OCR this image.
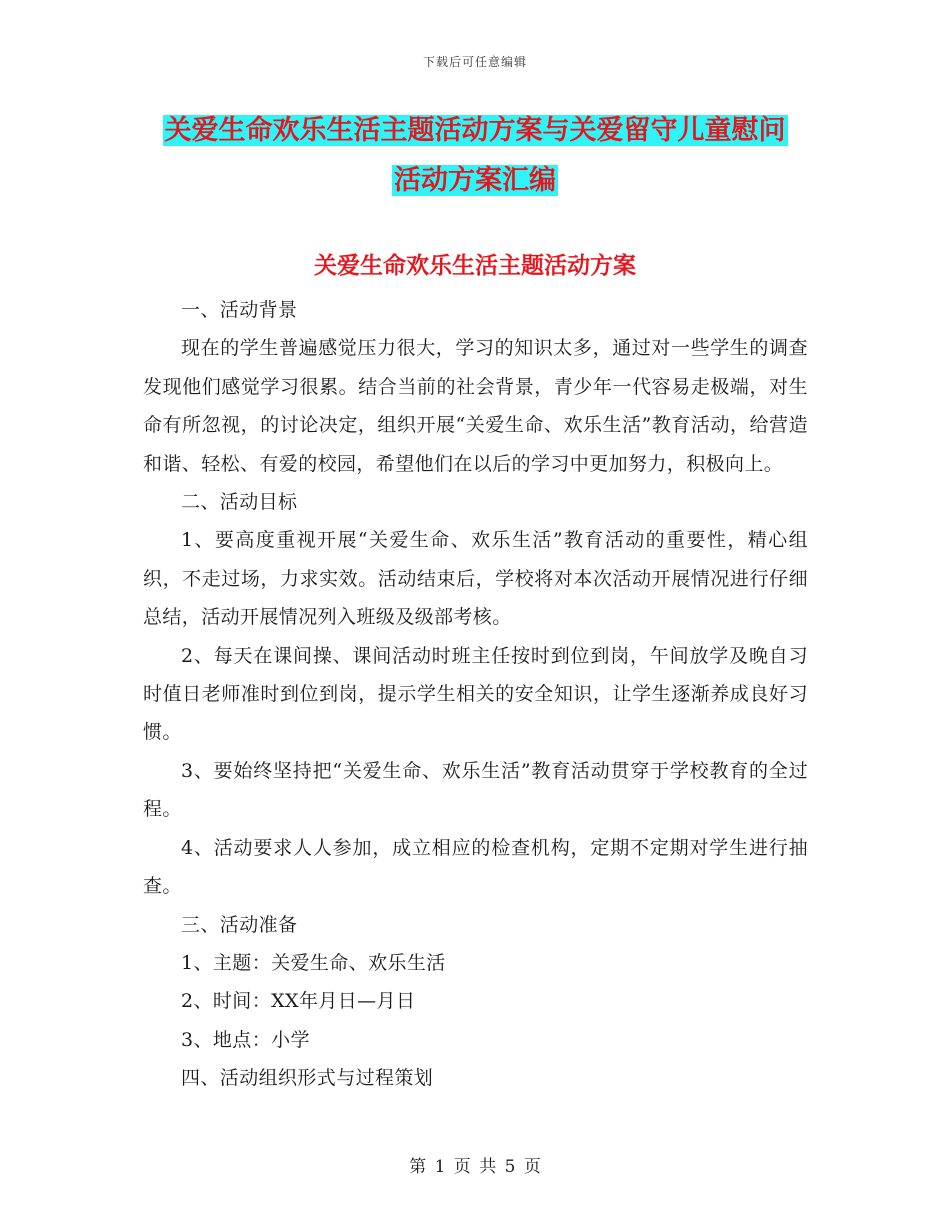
下载后可任意编辑
关爱生命欢乐生活主题活动方案与关爱留守儿童慰问
活动方案汇编
关爱生命欢乐生活主题活动方案

一、活动背景

现在的学生普遍感觉压力很大，学习的知识太多，通过对一些学生的调查发现他们感觉学习很累。结合当前的社会背景，青少年一代容易走极端，对生命有所忽视，的讨论决定，组织开展“关爱生命、欢乐生活”教育活动，给营造和谐、轻松、有爱的校园，希望他们在以后的学习中更加努力，积极向上。

二、活动目标

1、要高度重视开展“关爱生命、欢乐生活”教育活动的重要性，精心组织，不走过场，力求实效。活动结束后，学校将对本次活动开展情况进行仔细总结，活动开展情况列入班级及级部考核。

2、每天在课间操、课间活动时班主任按时到位到岗，午间放学及晚自习时值日老师准时到位到岗，提示学生相关的安全知识，让学生逐渐养成良好习惯。

3、要始终坚持把“关爱生命、欢乐生活”教育活动贯穿于学校教育的全过程。

4、活动要求人人参加，成立相应的检查机构，定期不定期对学生进行抽查。

三、活动准备

1、主题：关爱生命、欢乐生活

2、时间：XX年月日—月日

3、地点：小学

四、活动组织形式与过程策划

第 1 页 共 5 页
